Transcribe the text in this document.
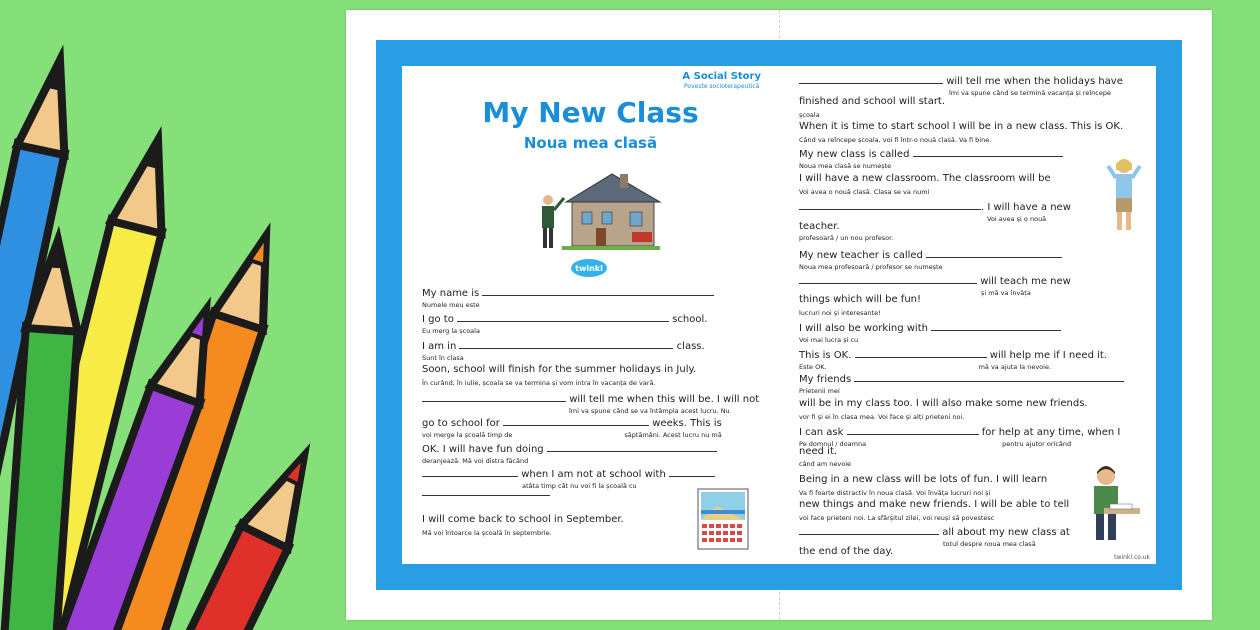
A Social Story
Poveste socioterapeutică
My New Class
Noua mea clasă
twinkl
My name is
Numele meu este
I go to	school.
Eu merg la școala
I am in	class.
Sunt în clasa
Soon, school will finish for the summer holidays in July.
În curând, în iulie, școala se va termina și vom intra în vacanța de vară.
will tell me when this will be. I will not
îmi va spune când se va întâmpla acest lucru. Nu
go to school for	weeks. This is
voi merge la școală timp de	săptămâni. Acest lucru nu mă
OK. I will have fun doing
deranjează. Mă voi distra făcând
when I am not at school with
atâta timp cât nu voi fi la școală cu
I will come back to school in September.
Mă voi întoarce la școală în septembrie.
will tell me when the holidays have
îmi va spune când se termină vacanța și reîncepe
finished and school will start.
școala
When it is time to start school I will be in a new class. This is OK.
Când va reîncepe școala, voi fi într-o nouă clasă. Va fi bine.
My new class is called
Noua mea clasă se numește
I will have a new classroom. The classroom will be
Voi avea o nouă clasă. Clasa se va numi
. I will have a new
Voi avea și o nouă
teacher.
profesoară / un nou profesor.
My new teacher is called
Noua mea profesoară / profesor se numește
will teach me new
și mă va învăța
things which will be fun!
lucruri noi și interesante!
I will also be working with
Voi mai lucra și cu
This is OK.	will help me if I need it.
Este OK.	mă va ajuta la nevoie.
My friends
Prietenii mei
will be in my class too. I will also make some new friends.
vor fi și ei în clasa mea. Voi face și alți prieteni noi.
I can ask	for help at any time, when I
Pe domnul / doamna	pentru ajutor oricând
need it.
când am nevoie
Being in a new class will be lots of fun. I will learn
Va fi foarte distractiv în noua clasă. Voi învăța lucruri noi și
new things and make new friends. I will be able to tell
voi face prieteni noi. La sfârșitul zilei, voi reuși să povestesc
all about my new class at
totul despre noua mea clasă
the end of the day.
twinkl.co.uk
